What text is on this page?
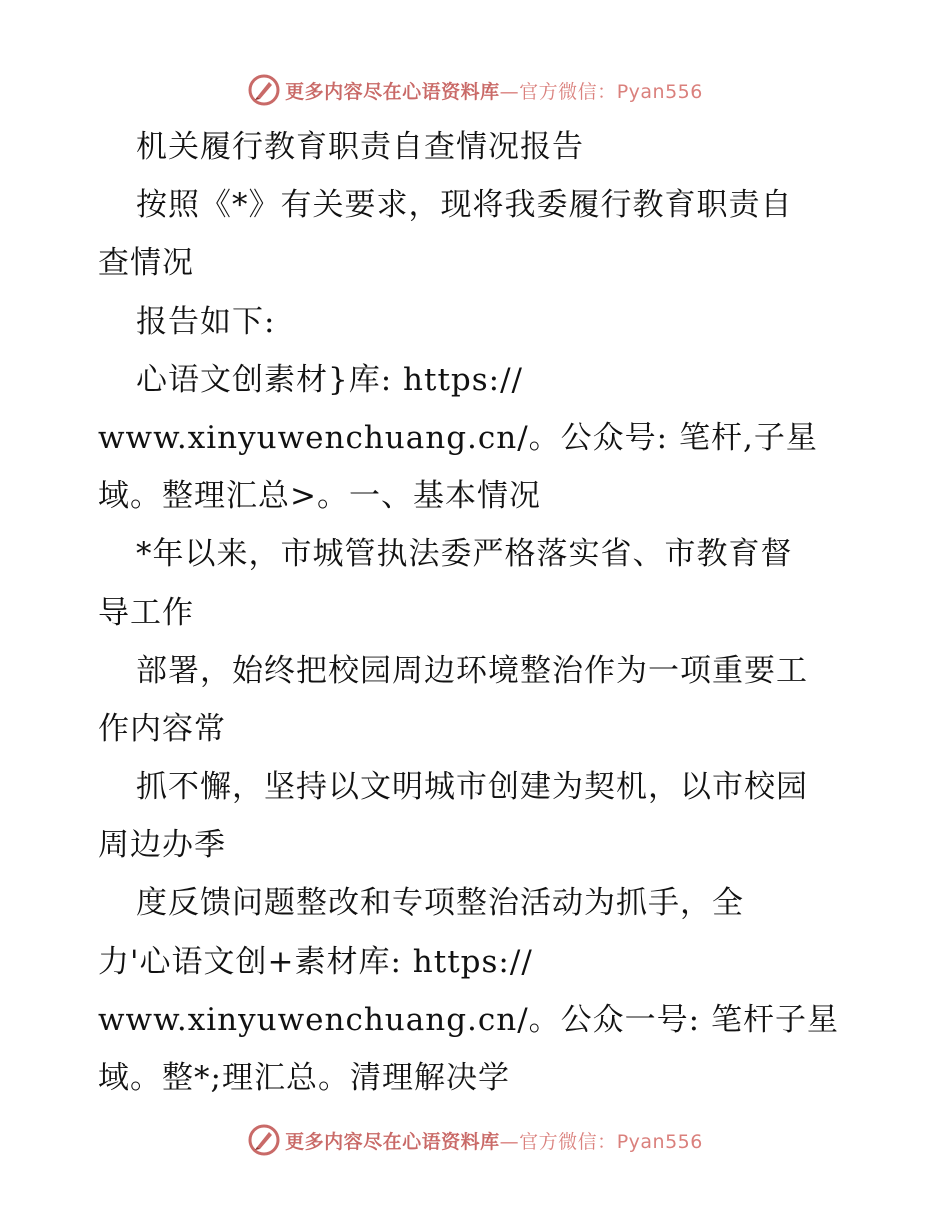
更多内容尽在心语资料库—官方微信：Pyan556
机关履行教育职责自查情况报告
按照《*》有关要求，现将我委履行教育职责自
查情况
报告如下:
心语文创素材}库: https://
www.xinyuwenchuang.cn/。公众号: 笔杆,子星
域。整理汇总>。一、基本情况
*年以来，市城管执法委严格落实省、市教育督
导工作
部署，始终把校园周边环境整治作为一项重要工
作内容常
抓不懈，坚持以文明城市创建为契机，以市校园
周边办季
度反馈问题整改和专项整治活动为抓手，全
力'心语文创+素材库: https://
www.xinyuwenchuang.cn/。公众一号: 笔杆子星
域。整*;理汇总。清理解决学
更多内容尽在心语资料库—官方微信：Pyan556
